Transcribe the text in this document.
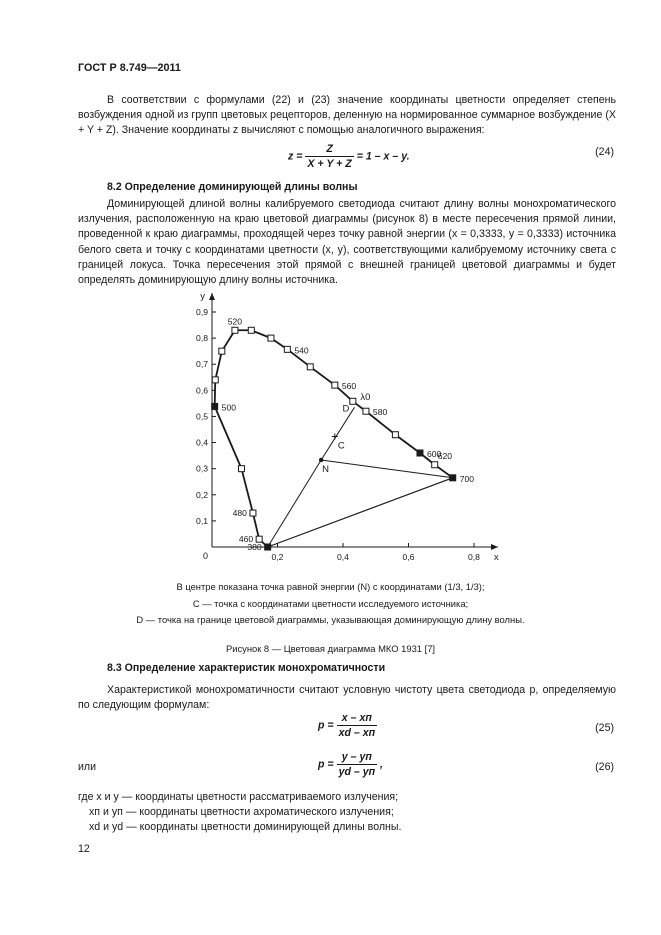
ГОСТ Р 8.749—2011

В соответствии с формулами (22) и (23) значение координаты цветности определяет степень возбуждения одной из групп цветовых рецепторов, деленную на нормированное суммарное возбуждение (X + Y + Z). Значение координаты z вычисляют с помощью аналогичного выражения:

$z = \frac{Z}{X + Y + Z} = 1 - x - y$.	(24)

8.2 Определение доминирующей длины волны

Доминирующей длиной волны калибруемого светодиода считают длину волны монохроматического излучения, расположенную на краю цветовой диаграммы (рисунок 8) в месте пересечения прямой линии, проведенной к краю диаграммы, проходящей через точку равной энергии (x = 0,3333, y = 0,3333) источника белого света и точку с координатами цветности (x, y), соответствующими калибруемому источнику света с границей локуса. Точка пересечения этой прямой с внешней границей цветовой диаграммы и будет определять доминирующую длину волны источника.

y
x
0
0,1
0,2
0,3
0,4
0,5
0,6
0,7
0,8
0,9
0,2	0,4	0,6	0,8
380
460
480
500
520
540
560
580
600
620
700
N
C
D
λ0
В центре показана точка равной энергии (N) с координатами (1/3, 1/3);
С — точка с координатами цветности исследуемого источника;
D — точка на границе цветовой диаграммы, указывающая доминирующую длину волны.
Рисунок 8 — Цветовая диаграмма МКО 1931 [7]

8.3 Определение характеристик монохроматичности

Характеристикой монохроматичности считают условную чистоту цвета светодиода р, определяемую по следующим формулам:

$p = \frac{x - xп}{xd - xп}$	(25)
или	$p = \frac{y - yп}{yd - yп}$ ,	(26)
где x и y — координаты цветности рассматриваемого излучения;
xп и yп — координаты цветности ахроматического излучения;
xd и yd — координаты цветности доминирующей длины волны.
12
